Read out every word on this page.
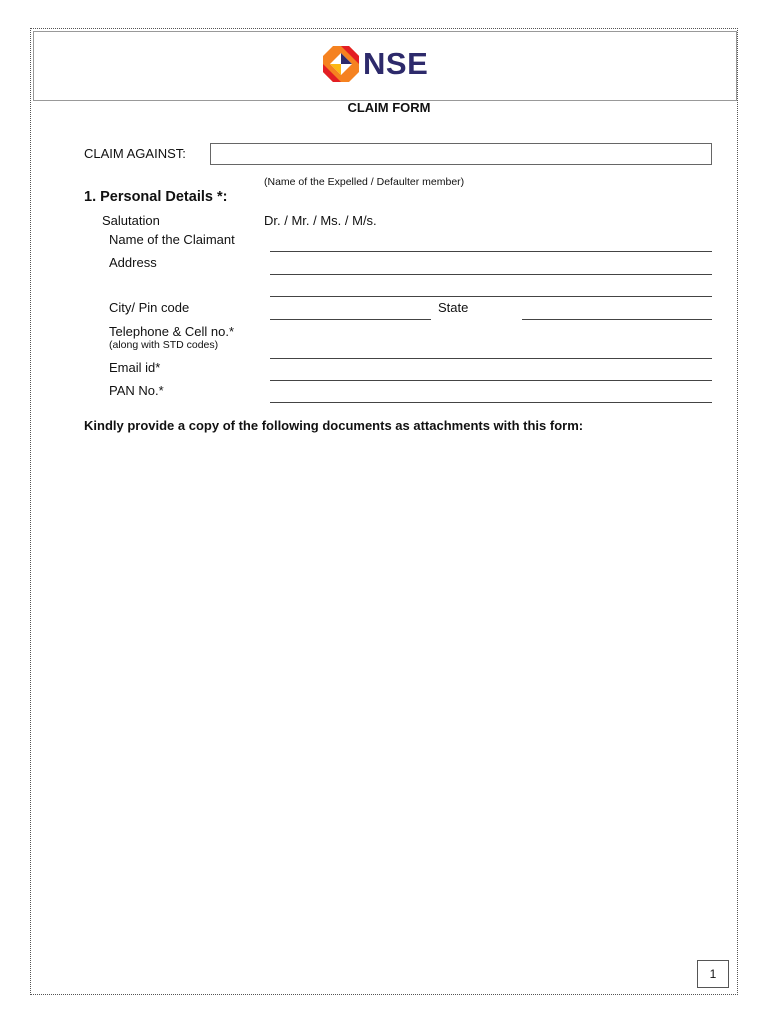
NSE
CLAIM FORM
CLAIM AGAINST:
(Name of the Expelled / Defaulter member)
1. Personal Details *:
Salutation	Dr. / Mr. / Ms. / M/s.
Name of the Claimant
Address
City/ Pin code	State
Telephone & Cell no.*
(along with STD codes)
Email id*
PAN No.*
Kindly provide a copy of the following documents as attachments with this form:
1
